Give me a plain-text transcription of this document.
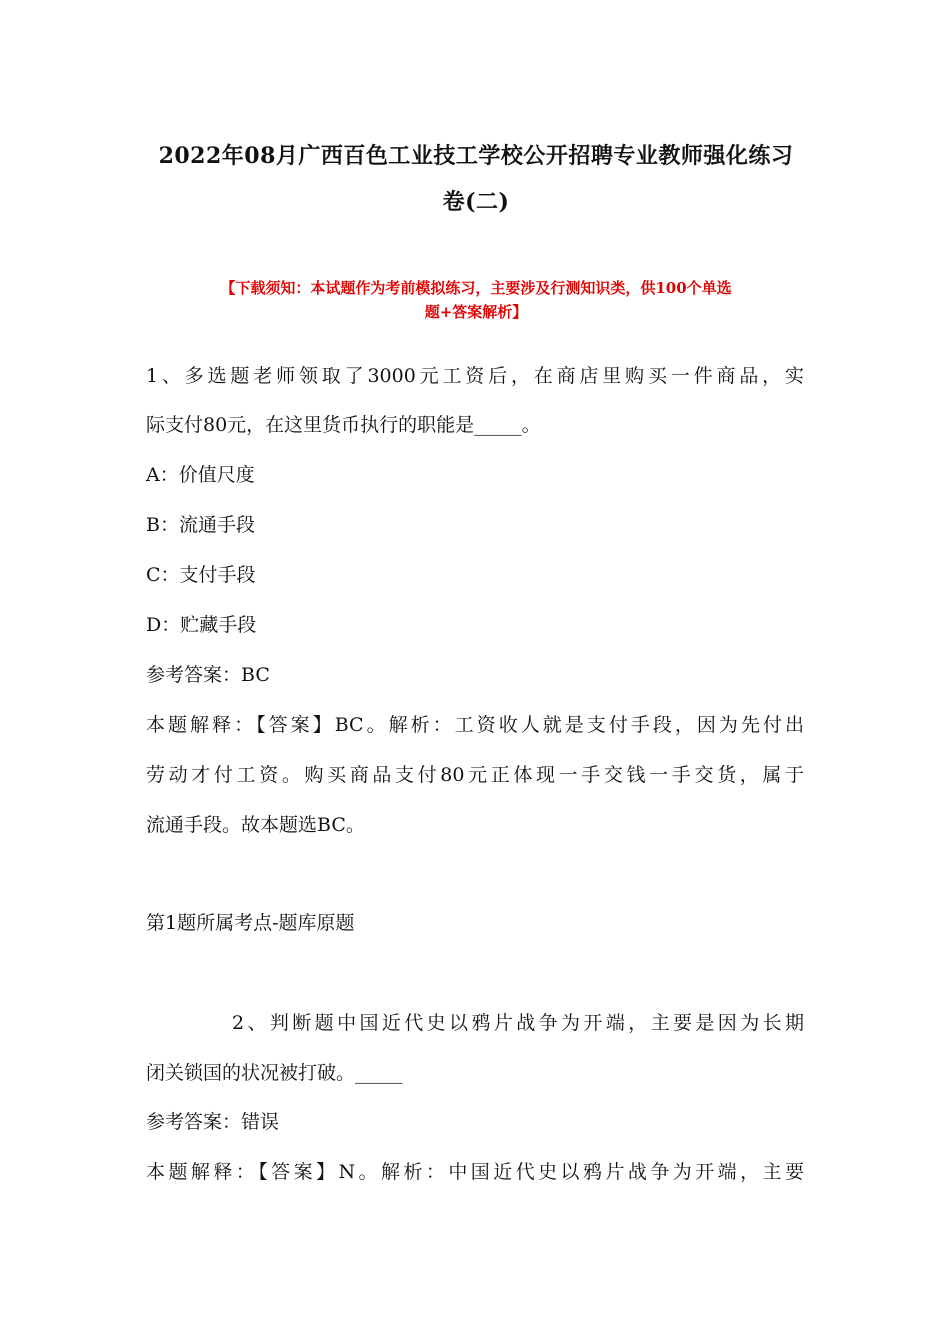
2022年08月广西百色工业技工学校公开招聘专业教师强化练习
卷(二)
【下载须知：本试题作为考前模拟练习，主要涉及行测知识类，供100个单选
题+答案解析】
1、多选题老师领取了3000元工资后，在商店里购买一件商品，实
际支付80元，在这里货币执行的职能是_____。
A：价值尺度
B：流通手段
C：支付手段
D：贮藏手段
参考答案：BC
本题解释：【答案】BC。解析：工资收人就是支付手段，因为先付出
劳动才付工资。购买商品支付80元正体现一手交钱一手交货，属于
流通手段。故本题选BC。
第1题所属考点-题库原题
2、判断题中国近代史以鸦片战争为开端，主要是因为长期
闭关锁国的状况被打破。_____
参考答案：错误
本题解释：【答案】N。解析：中国近代史以鸦片战争为开端，主要
